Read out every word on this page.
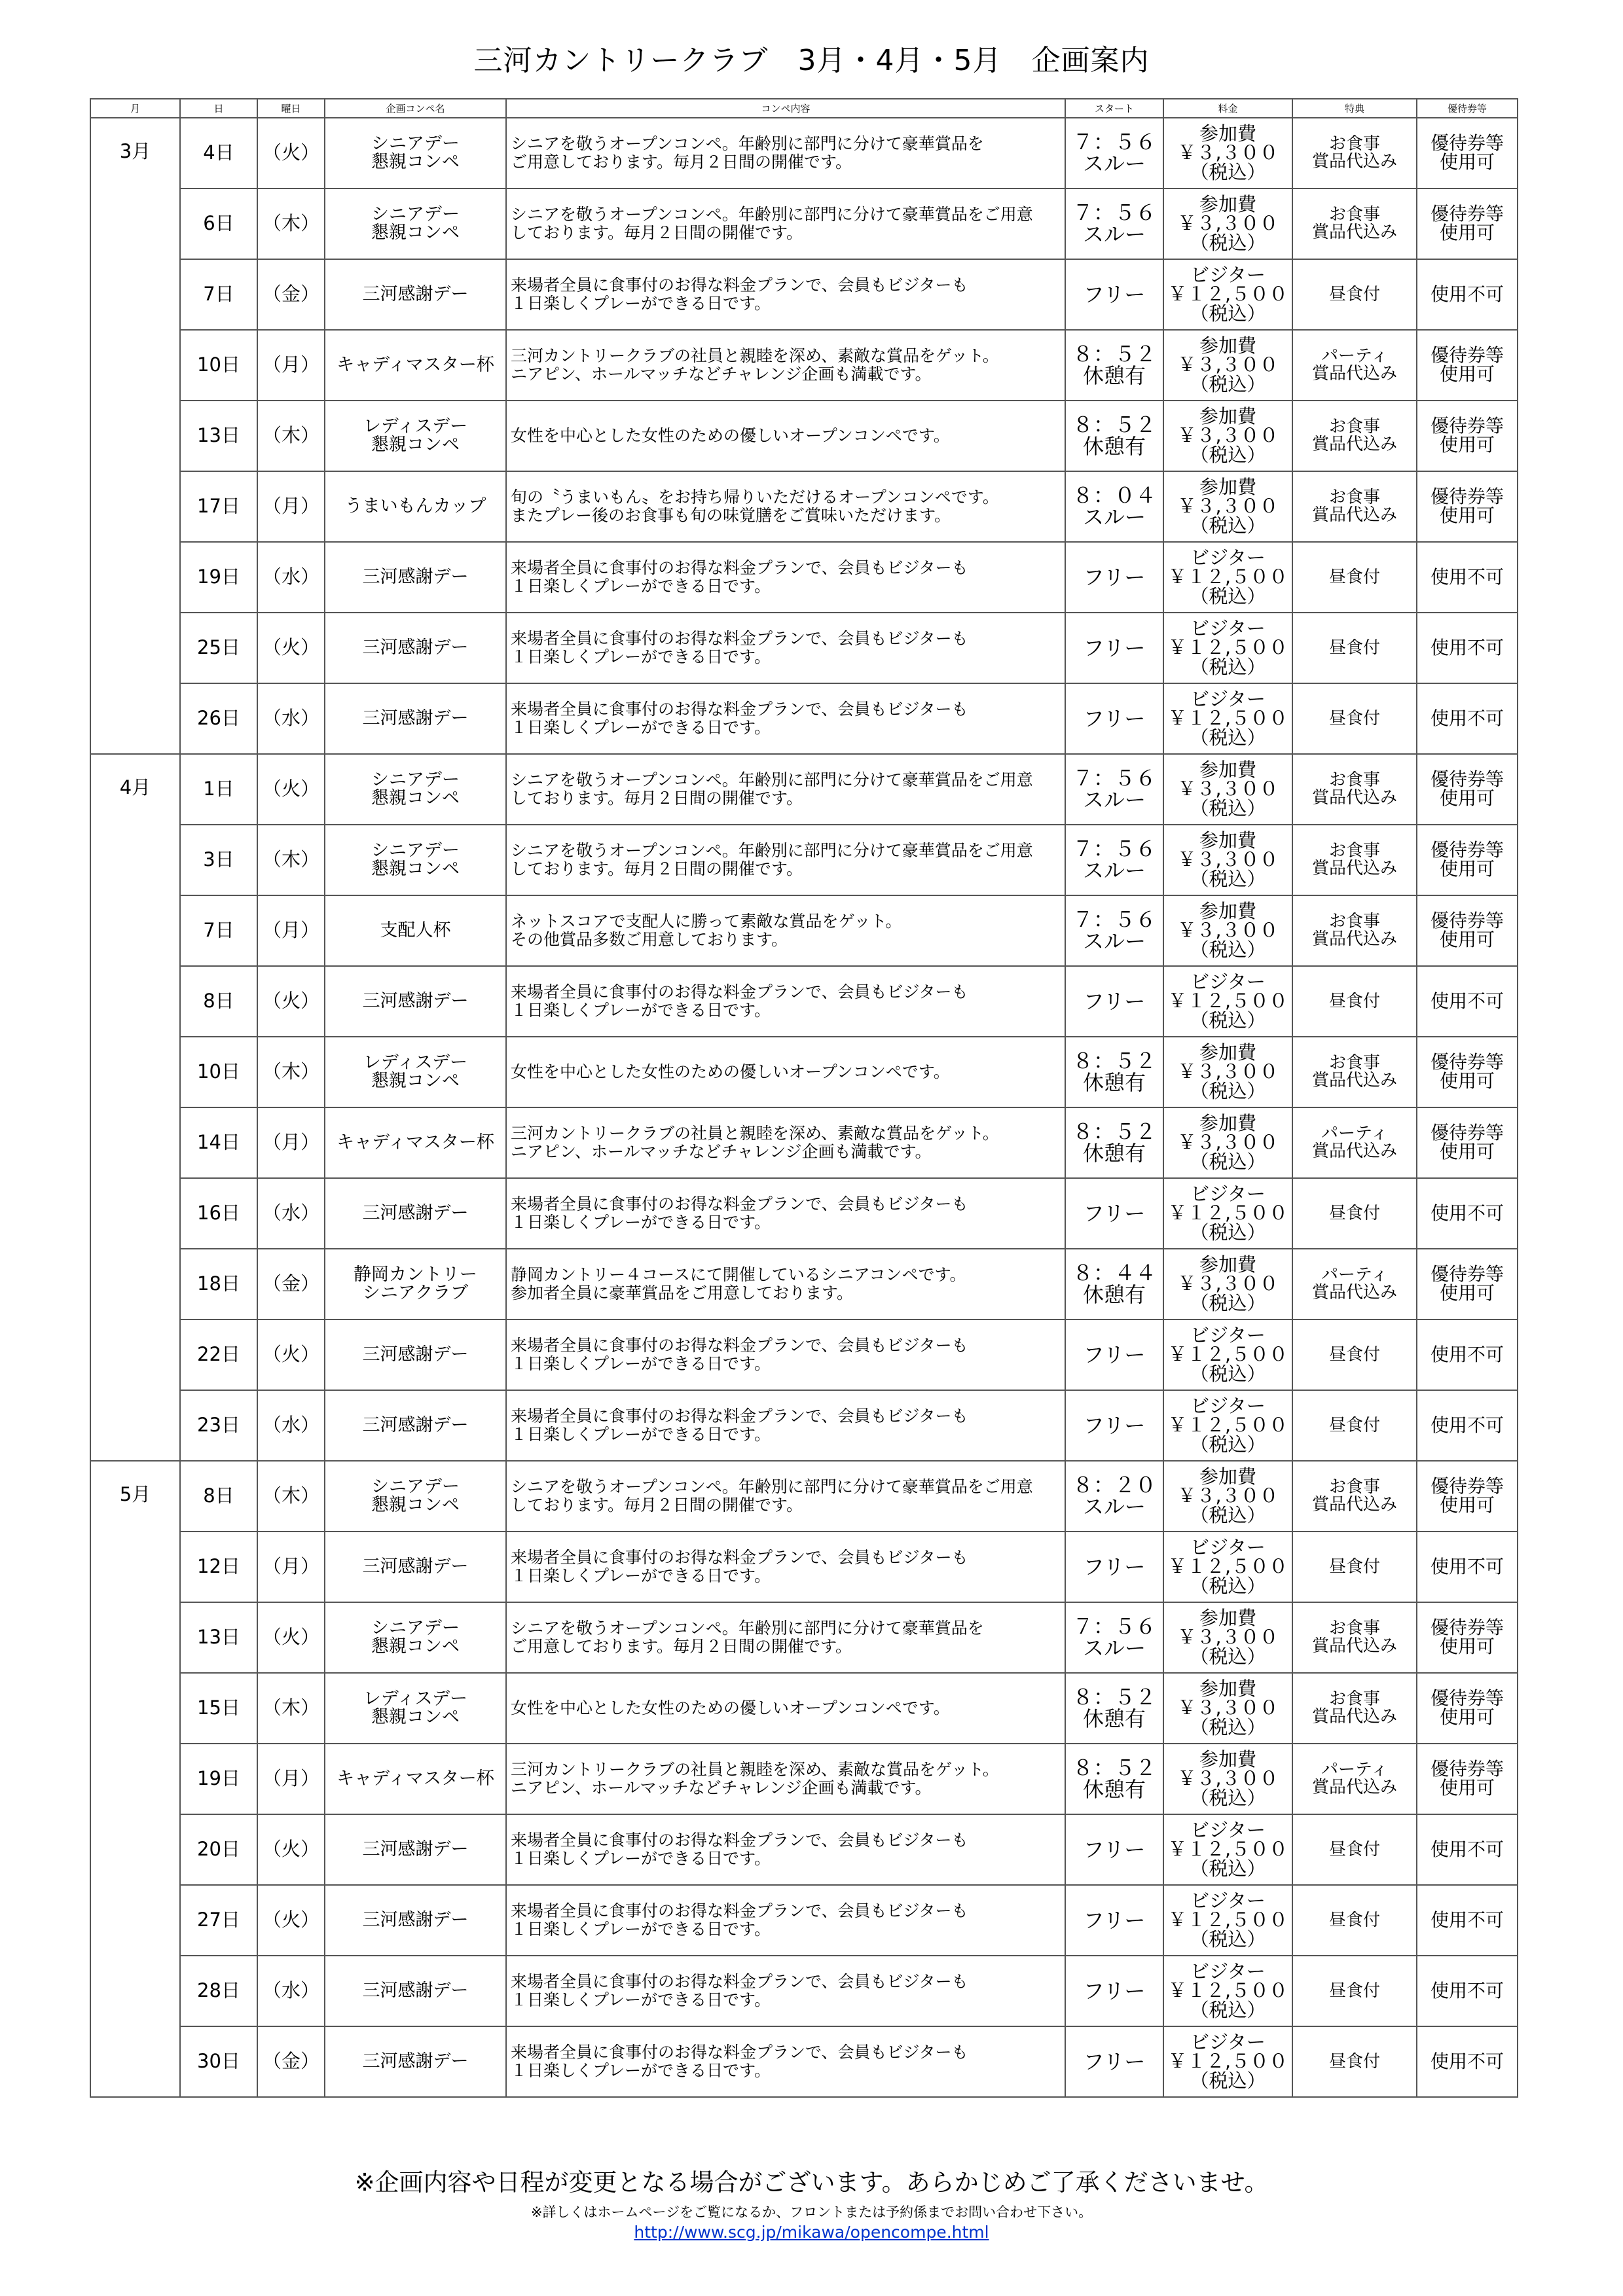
三河カントリークラブ　3月・4月・5月　企画案内
月	日	曜日	企画コンペ名	コンペ内容	スタート	料金	特典	優待券等
3月	4日	（火）	シニアデー
懇親コンペ	シニアを敬うオープンコンペ。年齢別に部門に分けて豪華賞品を
ご用意しております。毎月２日間の開催です。	７：５６
スルー	参加費
￥３,３００
（税込）	お食事
賞品代込み	優待券等
使用可
	6日	（木）	シニアデー
懇親コンペ	シニアを敬うオープンコンペ。年齢別に部門に分けて豪華賞品をご用意
しております。毎月２日間の開催です。	７：５６
スルー	参加費
￥３,３００
（税込）	お食事
賞品代込み	優待券等
使用可
	7日	（金）	三河感謝デー	来場者全員に食事付のお得な料金プランで、会員もビジターも
１日楽しくプレーができる日です。	フリー	ビジター
￥１２,５００
（税込）	昼食付	使用不可
	10日	（月）	キャディマスター杯	三河カントリークラブの社員と親睦を深め、素敵な賞品をゲット。
ニアピン、ホールマッチなどチャレンジ企画も満載です。	８：５２
休憩有	参加費
￥３,３００
（税込）	パーティ
賞品代込み	優待券等
使用可
	13日	（木）	レディスデー
懇親コンペ	女性を中心とした女性のための優しいオープンコンペです。	８：５２
休憩有	参加費
￥３,３００
（税込）	お食事
賞品代込み	優待券等
使用可
	17日	（月）	うまいもんカップ	旬の〝うまいもん〟をお持ち帰りいただけるオープンコンペです。
またプレー後のお食事も旬の味覚膳をご賞味いただけます。	８：０４
スルー	参加費
￥３,３００
（税込）	お食事
賞品代込み	優待券等
使用可
	19日	（水）	三河感謝デー	来場者全員に食事付のお得な料金プランで、会員もビジターも
１日楽しくプレーができる日です。	フリー	ビジター
￥１２,５００
（税込）	昼食付	使用不可
	25日	（火）	三河感謝デー	来場者全員に食事付のお得な料金プランで、会員もビジターも
１日楽しくプレーができる日です。	フリー	ビジター
￥１２,５００
（税込）	昼食付	使用不可
	26日	（水）	三河感謝デー	来場者全員に食事付のお得な料金プランで、会員もビジターも
１日楽しくプレーができる日です。	フリー	ビジター
￥１２,５００
（税込）	昼食付	使用不可
4月	1日	（火）	シニアデー
懇親コンペ	シニアを敬うオープンコンペ。年齢別に部門に分けて豪華賞品をご用意
しております。毎月２日間の開催です。	７：５６
スルー	参加費
￥３,３００
（税込）	お食事
賞品代込み	優待券等
使用可
	3日	（木）	シニアデー
懇親コンペ	シニアを敬うオープンコンペ。年齢別に部門に分けて豪華賞品をご用意
しております。毎月２日間の開催です。	７：５６
スルー	参加費
￥３,３００
（税込）	お食事
賞品代込み	優待券等
使用可
	7日	（月）	支配人杯	ネットスコアで支配人に勝って素敵な賞品をゲット。
その他賞品多数ご用意しております。	７：５６
スルー	参加費
￥３,３００
（税込）	お食事
賞品代込み	優待券等
使用可
	8日	（火）	三河感謝デー	来場者全員に食事付のお得な料金プランで、会員もビジターも
１日楽しくプレーができる日です。	フリー	ビジター
￥１２,５００
（税込）	昼食付	使用不可
	10日	（木）	レディスデー
懇親コンペ	女性を中心とした女性のための優しいオープンコンペです。	８：５２
休憩有	参加費
￥３,３００
（税込）	お食事
賞品代込み	優待券等
使用可
	14日	（月）	キャディマスター杯	三河カントリークラブの社員と親睦を深め、素敵な賞品をゲット。
ニアピン、ホールマッチなどチャレンジ企画も満載です。	８：５２
休憩有	参加費
￥３,３００
（税込）	パーティ
賞品代込み	優待券等
使用可
	16日	（水）	三河感謝デー	来場者全員に食事付のお得な料金プランで、会員もビジターも
１日楽しくプレーができる日です。	フリー	ビジター
￥１２,５００
（税込）	昼食付	使用不可
	18日	（金）	静岡カントリー
シニアクラブ	静岡カントリー４コースにて開催しているシニアコンペです。
参加者全員に豪華賞品をご用意しております。	８：４４
休憩有	参加費
￥３,３００
（税込）	パーティ
賞品代込み	優待券等
使用可
	22日	（火）	三河感謝デー	来場者全員に食事付のお得な料金プランで、会員もビジターも
１日楽しくプレーができる日です。	フリー	ビジター
￥１２,５００
（税込）	昼食付	使用不可
	23日	（水）	三河感謝デー	来場者全員に食事付のお得な料金プランで、会員もビジターも
１日楽しくプレーができる日です。	フリー	ビジター
￥１２,５００
（税込）	昼食付	使用不可
5月	8日	（木）	シニアデー
懇親コンペ	シニアを敬うオープンコンペ。年齢別に部門に分けて豪華賞品をご用意
しております。毎月２日間の開催です。	８：２０
スルー	参加費
￥３,３００
（税込）	お食事
賞品代込み	優待券等
使用可
	12日	（月）	三河感謝デー	来場者全員に食事付のお得な料金プランで、会員もビジターも
１日楽しくプレーができる日です。	フリー	ビジター
￥１２,５００
（税込）	昼食付	使用不可
	13日	（火）	シニアデー
懇親コンペ	シニアを敬うオープンコンペ。年齢別に部門に分けて豪華賞品を
ご用意しております。毎月２日間の開催です。	７：５６
スルー	参加費
￥３,３００
（税込）	お食事
賞品代込み	優待券等
使用可
	15日	（木）	レディスデー
懇親コンペ	女性を中心とした女性のための優しいオープンコンペです。	８：５２
休憩有	参加費
￥３,３００
（税込）	お食事
賞品代込み	優待券等
使用可
	19日	（月）	キャディマスター杯	三河カントリークラブの社員と親睦を深め、素敵な賞品をゲット。
ニアピン、ホールマッチなどチャレンジ企画も満載です。	８：５２
休憩有	参加費
￥３,３００
（税込）	パーティ
賞品代込み	優待券等
使用可
	20日	（火）	三河感謝デー	来場者全員に食事付のお得な料金プランで、会員もビジターも
１日楽しくプレーができる日です。	フリー	ビジター
￥１２,５００
（税込）	昼食付	使用不可
	27日	（火）	三河感謝デー	来場者全員に食事付のお得な料金プランで、会員もビジターも
１日楽しくプレーができる日です。	フリー	ビジター
￥１２,５００
（税込）	昼食付	使用不可
	28日	（水）	三河感謝デー	来場者全員に食事付のお得な料金プランで、会員もビジターも
１日楽しくプレーができる日です。	フリー	ビジター
￥１２,５００
（税込）	昼食付	使用不可
	30日	（金）	三河感謝デー	来場者全員に食事付のお得な料金プランで、会員もビジターも
１日楽しくプレーができる日です。	フリー	ビジター
￥１２,５００
（税込）	昼食付	使用不可
※企画内容や日程が変更となる場合がございます。あらかじめご了承くださいませ。
※詳しくはホームページをご覧になるか、フロントまたは予約係までお問い合わせ下さい。
http://www.scg.jp/mikawa/opencompe.html
